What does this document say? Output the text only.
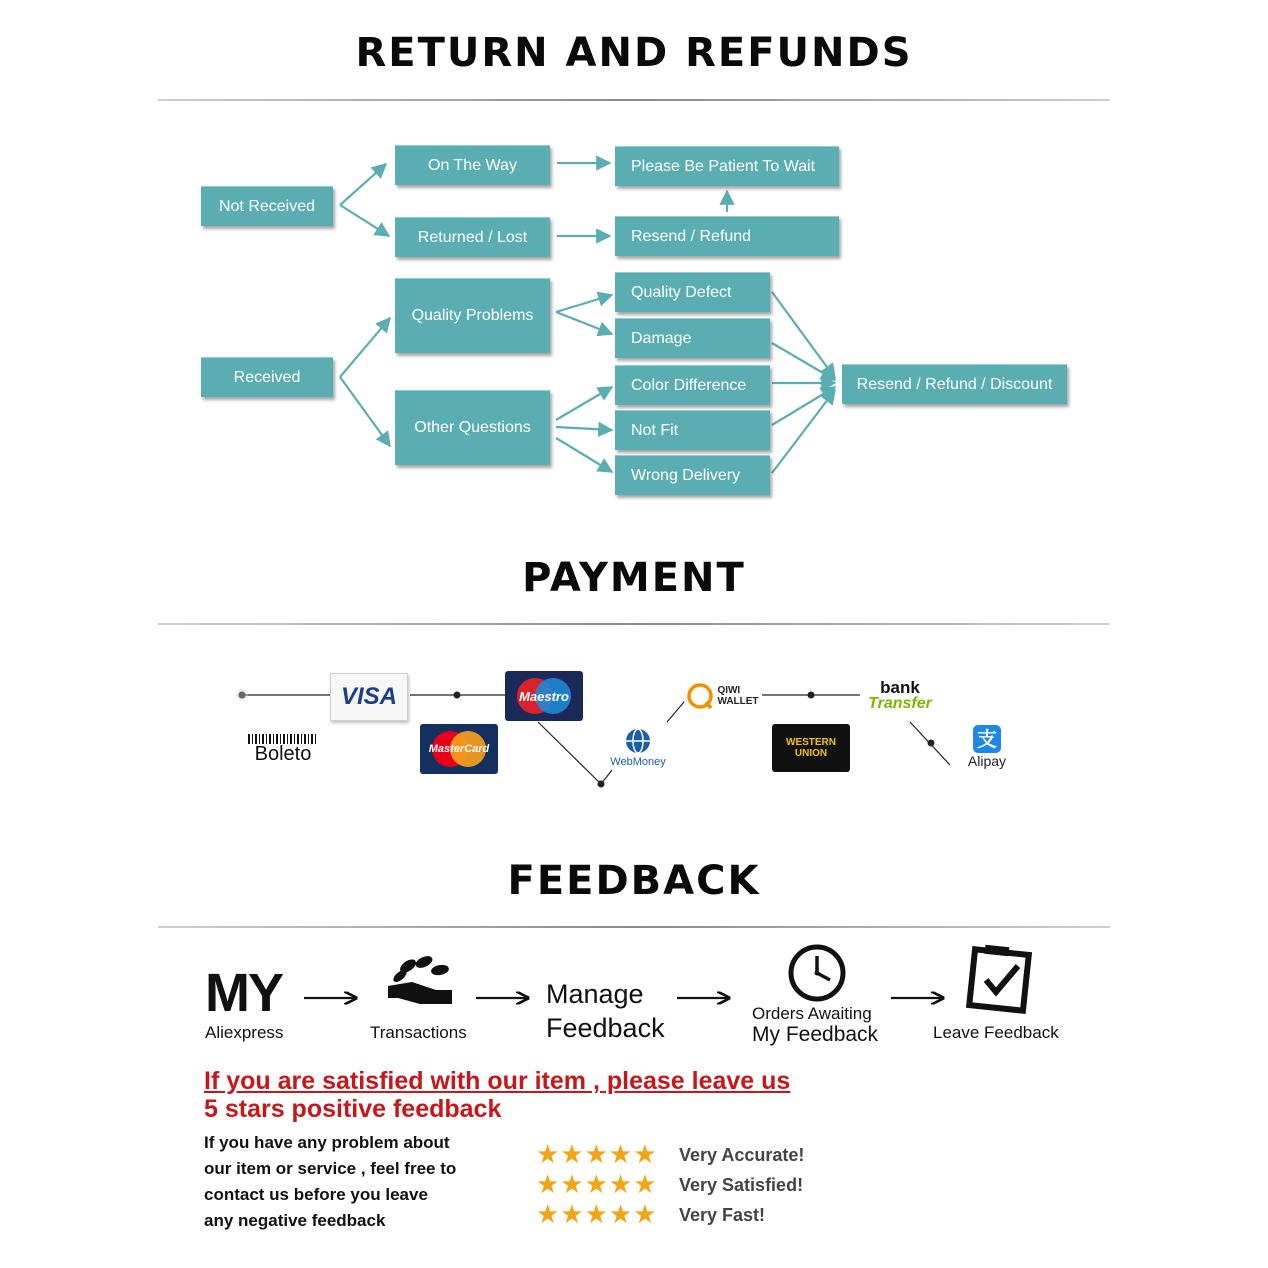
RETURN AND REFUNDS
Not Received
On The Way
Returned / Lost
Please Be Patient To Wait
Resend / Refund
Received
Quality Problems
Other Questions
Quality Defect
Damage
Color Difference
Not Fit
Wrong Delivery
Resend / Refund / Discount
PAYMENT
VISA	Maestro	QIWI
WALLET
bank
Transfer
Boleto	MasterCard
WebMoney
WESTERN
UNION
支
Alipay
FEEDBACK
MY
Aliexpress	Transactions
Manage
Feedback	Orders Awaiting
My Feedback	Leave Feedback
If you are satisfied with our item , please leave us
5 stars positive feedback
If you have any problem about
our item or service , feel free to
contact us before you leave
any negative feedback
★★★★★
★★★★★
★★★★★
Very Accurate!
Very Satisfied!
Very Fast!
